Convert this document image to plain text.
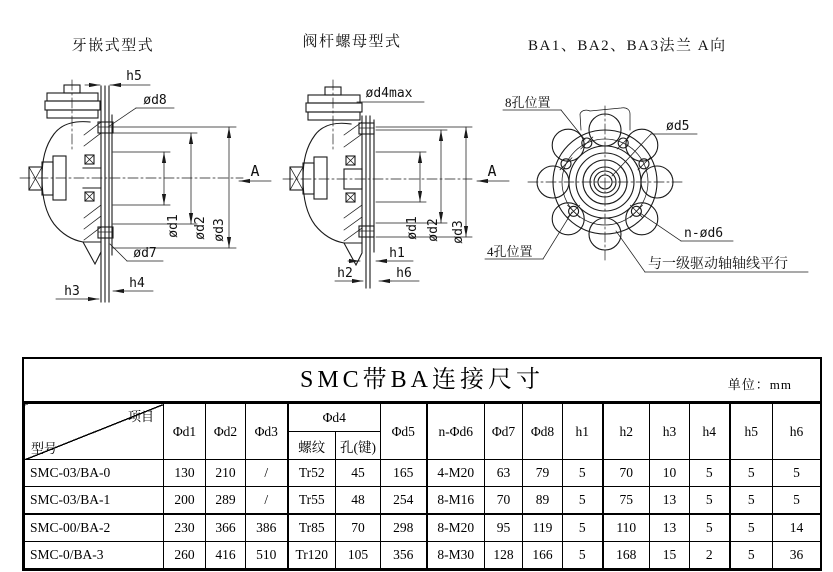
牙嵌式型式
h5
ød8
ød7
h3
h4
ød1 ød2 ød3
A
阀杆螺母型式
ød4max
h1
h2	h6
ød1 ød2 ød3
A
BA1、BA2、BA3法兰 A向
8孔位置
ød5
n-ød6
4孔位置
与一级驱动轴轴线平行
SMC带BA连接尺寸	单位：mm
项目
型号	Φd1	Φd2	Φd3	Φd4		Φd5	n-Φd6	Φd7	Φd8	h1	h2	h3	h4	h5	h6
				螺纹	孔(键)										
SMC-03/BA-0	130	210	/	Tr52	45	165	4-M20	63	79	5	70	10	5	5	5
SMC-03/BA-1	200	289	/	Tr55	48	254	8-M16	70	89	5	75	13	5	5	5
SMC-00/BA-2	230	366	386	Tr85	70	298	8-M20	95	119	5	110	13	5	5	14
SMC-0/BA-3	260	416	510	Tr120	105	356	8-M30	128	166	5	168	15	2	5	36
